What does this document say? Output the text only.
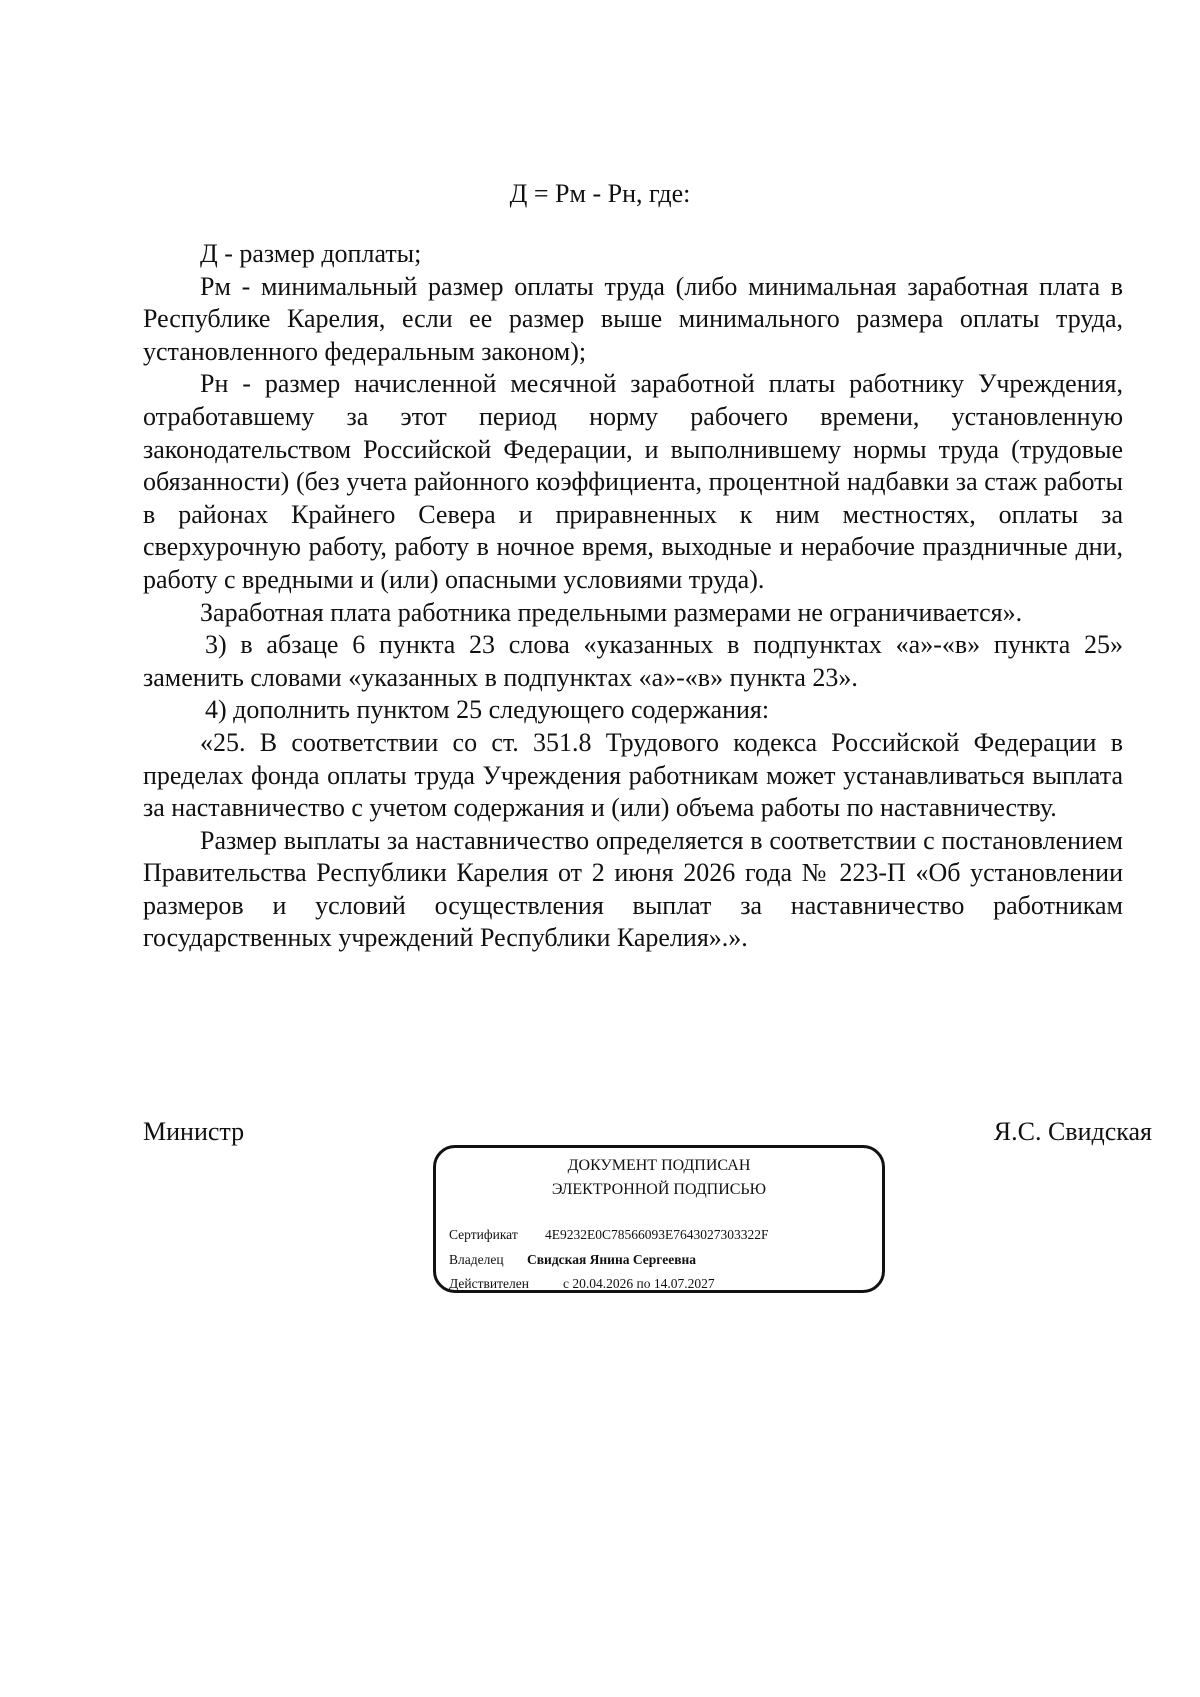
Д = Рм - Рн, где:

Д - размер доплаты;

Рм - минимальный размер оплаты труда (либо минимальная заработная плата в Республике Карелия, если ее размер выше минимального размера оплаты труда, установленного федеральным законом);

Рн - размер начисленной месячной заработной платы работнику Учреждения, отработавшему за этот период норму рабочего времени, установленную законодательством Российской Федерации, и выполнившему нормы труда (трудовые обязанности) (без учета районного коэффициента, процентной надбавки за стаж работы в районах Крайнего Севера и приравненных к ним местностях, оплаты за сверхурочную работу, работу в ночное время, выходные и нерабочие праздничные дни, работу с вредными и (или) опасными условиями труда).

Заработная плата работника предельными размерами не ограничивается».

3) в абзаце 6 пункта 23 слова «указанных в подпунктах «а»-«в» пункта 25» заменить словами «указанных в подпунктах «а»-«в» пункта 23».

4) дополнить пунктом 25 следующего содержания:

«25. В соответствии со ст. 351.8 Трудового кодекса Российской Федерации в пределах фонда оплаты труда Учреждения работникам может устанавливаться выплата за наставничество с учетом содержания и (или) объема работы по наставничеству.

Размер выплаты за наставничество определяется в соответствии с постановлением Правительства Республики Карелия от 2 июня 2026 года № 223-П «Об установлении размеров и условий осуществления выплат за наставничество работникам государственных учреждений Республики Карелия».».

Министр	Я.С. Свидская
ДОКУМЕНТ ПОДПИСАН
ЭЛЕКТРОННОЙ ПОДПИСЬЮ
Сертификат 4E9232E0C78566093E7643027303322F
Владелец Свидская Янина Сергеевна
Действителен	с 20.04.2026 по 14.07.2027
